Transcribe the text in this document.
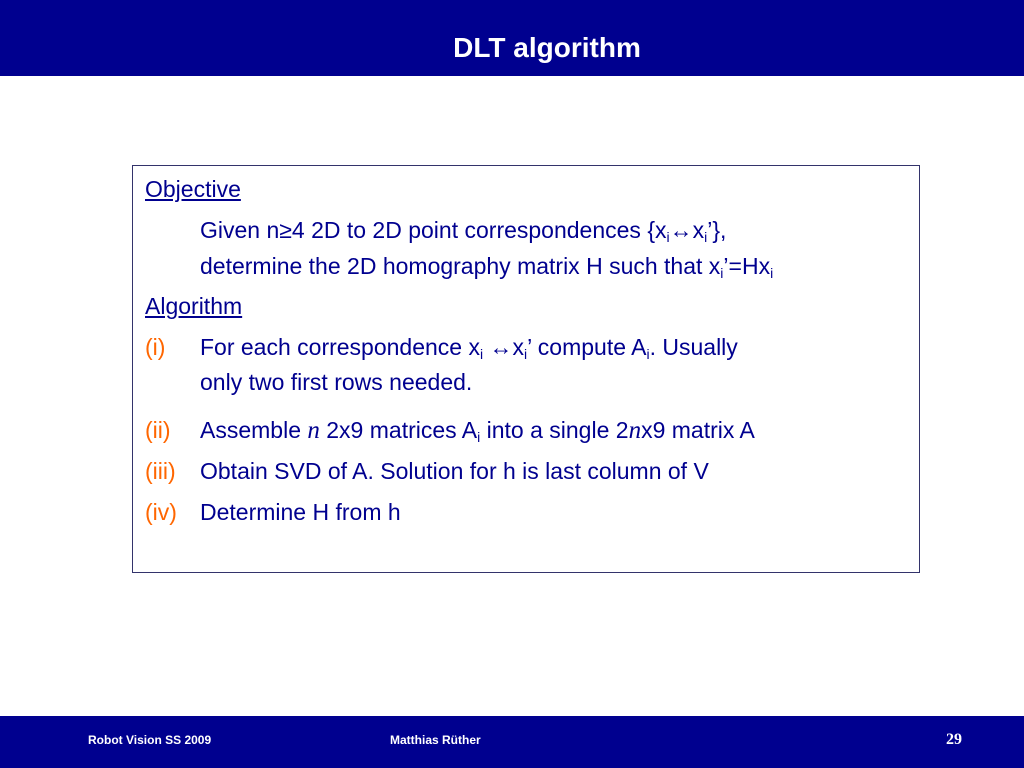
DLT algorithm
Objective
Given n≥4 2D to 2D point correspondences $\{x_i\leftrightarrow x_i’\}$,
determine the 2D homography matrix H such that $x_i’=Hx_i$
Algorithm
(i) For each correspondence $x_i$ $\leftrightarrow x_i$’ compute $A_i$. Usually
only two first rows needed.
(ii) Assemble n 2x9 matrices $A_i$ into a single 2nx9 matrix A
(iii) Obtain SVD of A. Solution for h is last column of V
(iv) Determine H from h
Robot Vision SS 2009	Matthias Rüther	29
